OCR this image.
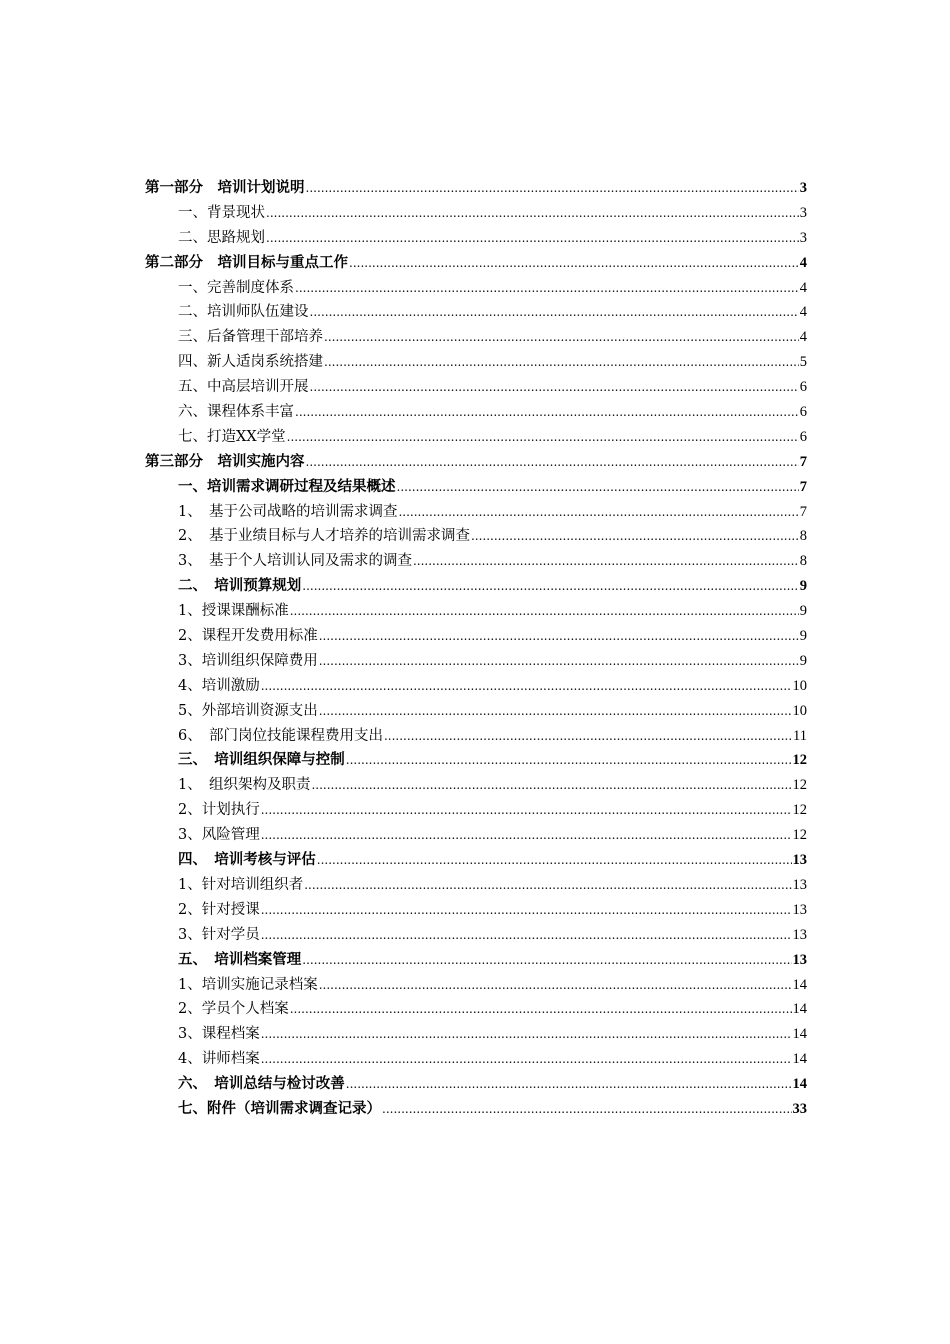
第一部分　培训计划说明 .....	3
一、背景现状 .....	3
二、思路规划 .....	3
第二部分　培训目标与重点工作 .....	4
一、完善制度体系 .....	4
二、培训师队伍建设 .....	4
三、后备管理干部培养 .....	4
四、新人适岗系统搭建 .....	5
五、中高层培训开展 .....	6
六、课程体系丰富 .....	6
七、打造XX学堂 .....	6
第三部分　培训实施内容 .....	7
一、培训需求调研过程及结果概述 .....	7
1、　基于公司战略的培训需求调查 .....	7
2、　基于业绩目标与人才培养的培训需求调查 .....	8
3、　基于个人培训认同及需求的调查 .....	8
二、　培训预算规划 .....	9
1、授课课酬标准 .....	9
2、课程开发费用标准 .....	9
3、培训组织保障费用 .....	9
4、培训激励 .....	10
5、外部培训资源支出 .....	10
6、　部门岗位技能课程费用支出 .....	11
三、　培训组织保障与控制 .....	12
1、　组织架构及职责 .....	12
2、计划执行 .....	12
3、风险管理 .....	12
四、　培训考核与评估 .....	13
1、针对培训组织者 .....	13
2、针对授课 .....	13
3、针对学员 .....	13
五、　培训档案管理 .....	13
1、培训实施记录档案 .....	14
2、学员个人档案 .....	14
3、课程档案 .....	14
4、讲师档案 .....	14
六、　培训总结与检讨改善 .....	14
七、附件（培训需求调查记录） .....	33
